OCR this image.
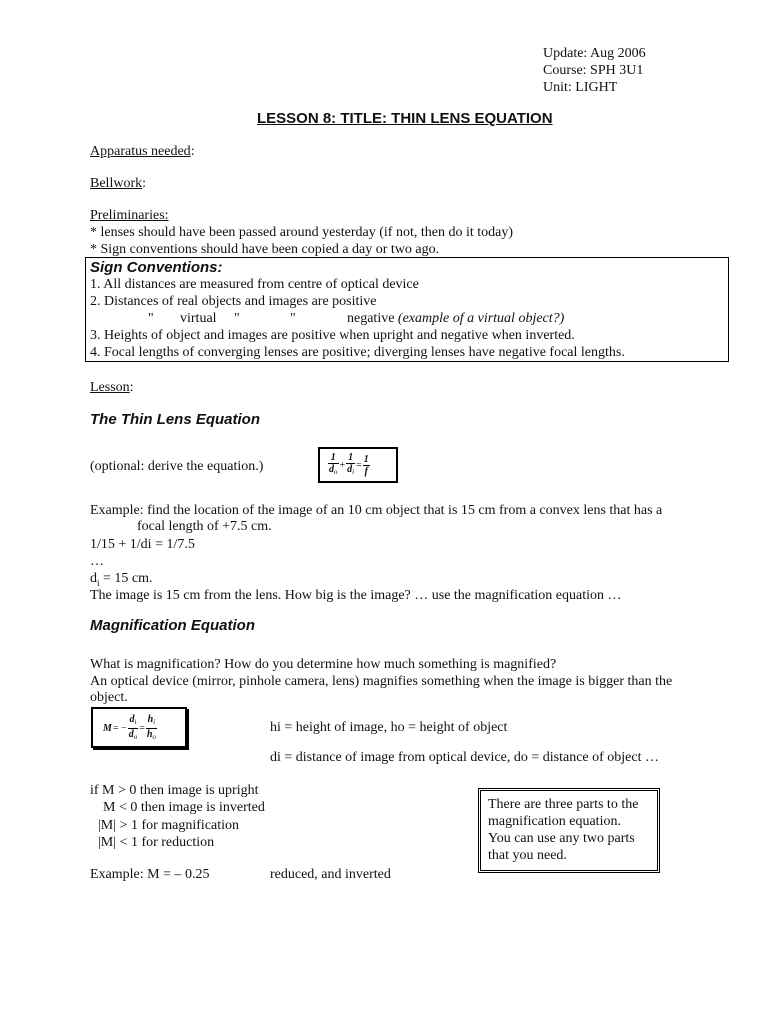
Update: Aug 2006
Course: SPH 3U1
Unit: LIGHT
LESSON 8: TITLE: THIN LENS EQUATION
Apparatus needed:
Bellwork:
Preliminaries:
* lenses should have been passed around yesterday (if not, then do it today)
* Sign conventions should have been copied a day or two ago.
Sign Conventions:
1. All distances are measured from centre of optical device
2. Distances of real objects and images are positive
" virtual "	"	negative (example of a virtual object?)
3. Heights of object and images are positive when upright and negative when inverted.
4. Focal lengths of converging lenses are positive; diverging lenses have negative focal lengths.
Lesson:
The Thin Lens Equation
(optional: derive the equation.)	$\frac{1}{d_o} + \frac{1}{d_i} = \frac{1}{f}$
Example: find the location of the image of an 10 cm object that is 15 cm from a convex lens that has a
focal length of +7.5 cm.
1/15 + 1/di = 1/7.5
…
$d_i = 15$ cm.
The image is 15 cm from the lens. How big is the image? … use the magnification equation …
Magnification Equation
What is magnification? How do you determine how much something is magnified?
An optical device (mirror, pinhole camera, lens) magnifies something when the image is bigger than the
object.
$M= - \frac{d_i}{d_o} = \frac{h_i}{h_o}$	hi = height of image, ho = height of object
di = distance of image from optical device, do = distance of object …
if M > 0 then image is upright
M < 0 then image is inverted
|M| > 1 for magnification
|M| < 1 for reduction
There are three parts to the
magnification equation.
You can use any two parts
that you need.
Example: M = – 0.25	reduced, and inverted
